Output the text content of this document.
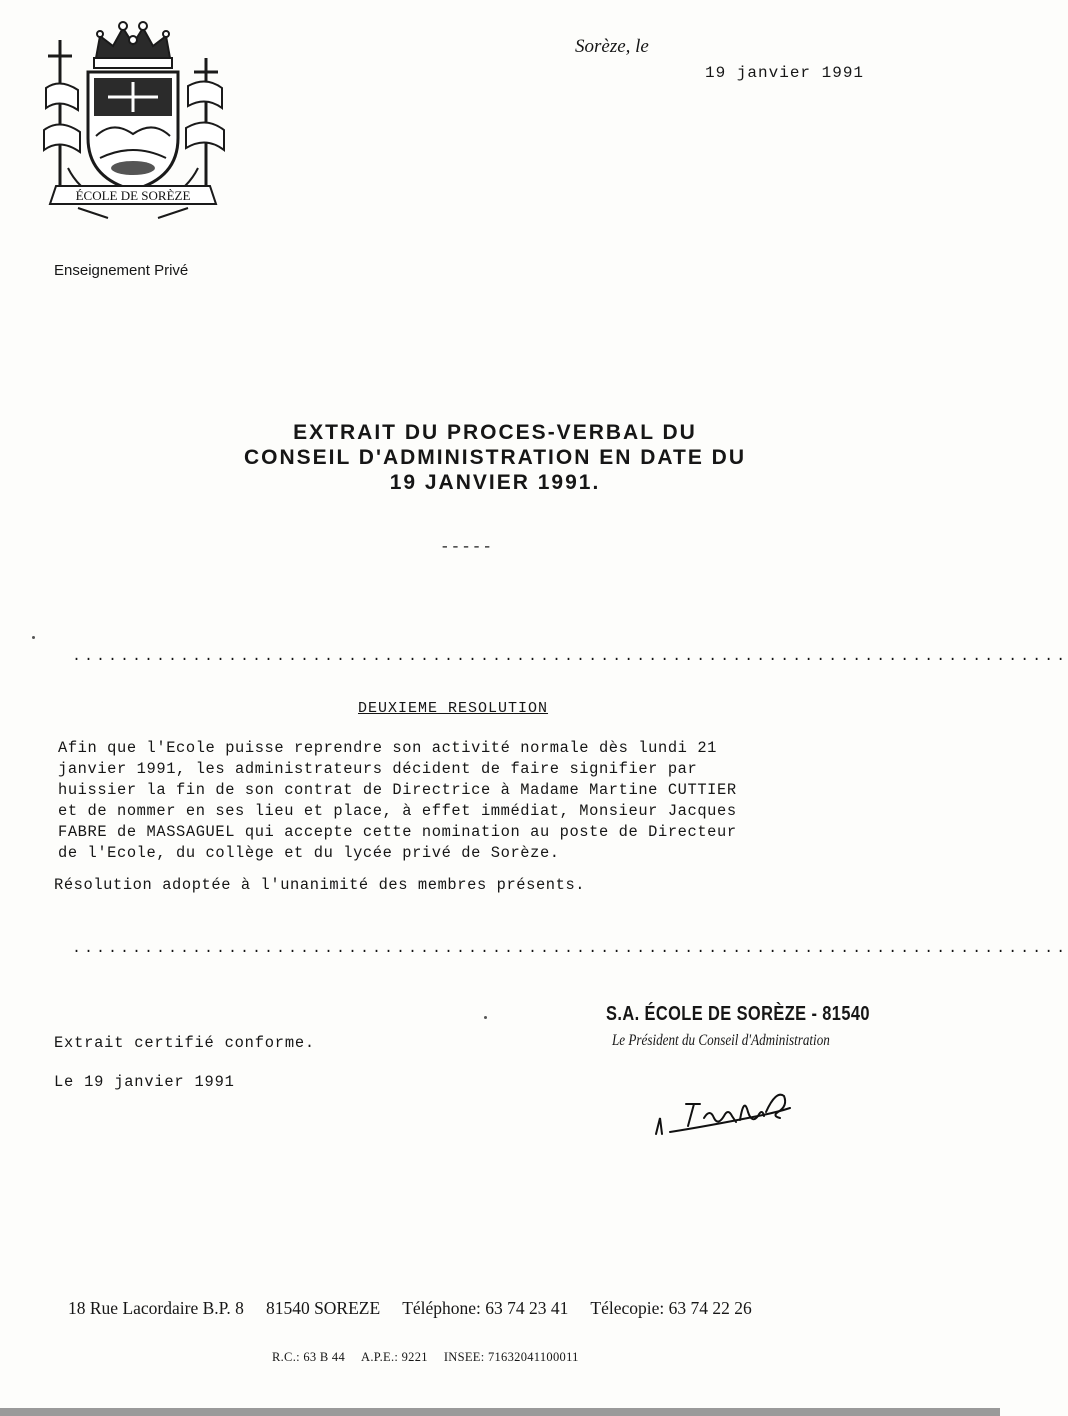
ÉCOLE DE SORÈZE
Sorèze, le
19 janvier 1991
Enseignement Privé
EXTRAIT DU PROCES-VERBAL DU
CONSEIL D'ADMINISTRATION EN DATE DU
19 JANVIER 1991.
-----
...................................................................................
DEUXIEME RESOLUTION
Afin que l'Ecole puisse reprendre son activité normale dès lundi 21
janvier 1991, les administrateurs décident de faire signifier par
huissier la fin de son contrat de Directrice à Madame Martine CUTTIER
et de nommer en ses lieu et place, à effet immédiat, Monsieur Jacques
FABRE de MASSAGUEL qui accepte cette nomination au poste de Directeur
de l'Ecole, du collège et du lycée privé de Sorèze.
Résolution adoptée à l'unanimité des membres présents.
...................................................................................
S.A. ÉCOLE DE SORÈZE - 81540
Le Président du Conseil d'Administration
Extrait certifié conforme.
Le 19 janvier 1991
18 Rue Lacordaire B.P. 8 81540 SOREZE Téléphone: 63 74 23 41 Télecopie: 63 74 22 26
R.C.: 63 B 44 A.P.E.: 9221 INSEE: 71632041100011
